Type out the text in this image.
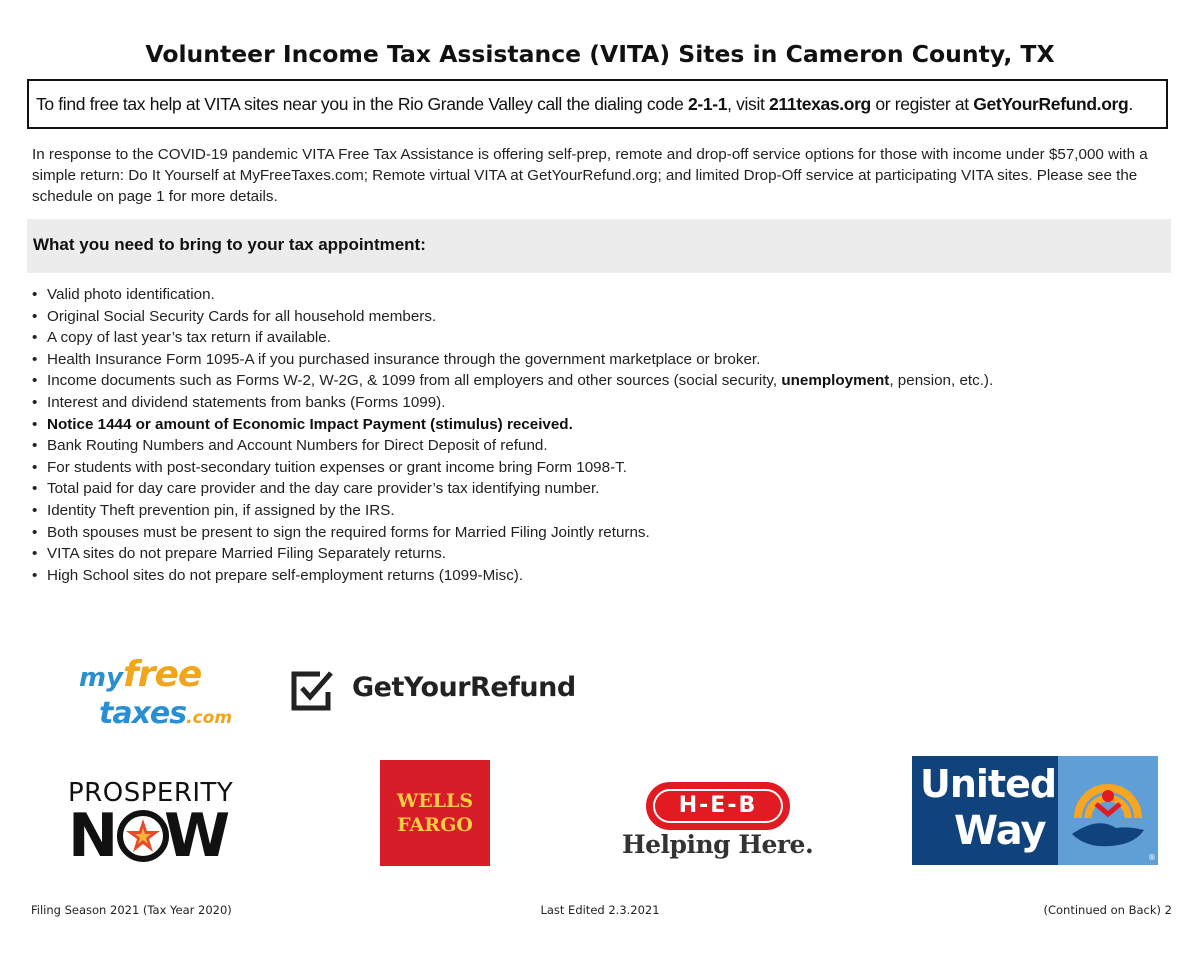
Volunteer Income Tax Assistance (VITA) Sites in Cameron County, TX
To find free tax help at VITA sites near you in the Rio Grande Valley call the dialing code 2-1-1, visit 211texas.org or register at GetYourRefund.org.

In response to the COVID-19 pandemic VITA Free Tax Assistance is offering self-prep, remote and drop-off service options for those with income under $57,000 with a simple return: Do It Yourself at MyFreeTaxes.com; Remote virtual VITA at GetYourRefund.org; and limited Drop-Off service at participating VITA sites. Please see the schedule on page 1 for more details.

What you need to bring to your tax appointment:
• Valid photo identification.
• Original Social Security Cards for all household members.
• A copy of last year’s tax return if available.
• Health Insurance Form 1095-A if you purchased insurance through the government marketplace or broker.
• Income documents such as Forms W-2, W-2G, & 1099 from all employers and other sources (social security, unemployment, pension, etc.).
• Interest and dividend statements from banks (Forms 1099).
• Notice 1444 or amount of Economic Impact Payment (stimulus) received.
• Bank Routing Numbers and Account Numbers for Direct Deposit of refund.
• For students with post-secondary tuition expenses or grant income bring Form 1098-T.
• Total paid for day care provider and the day care provider’s tax identifying number.
• Identity Theft prevention pin, if assigned by the IRS.
• Both spouses must be present to sign the required forms for Married Filing Jointly returns.
• VITA sites do not prepare Married Filing Separately returns.
• High School sites do not prepare self-employment returns (1099-Misc).
myfree
taxes.com
GetYourRefund
PROSPERITY
N W	WELLS
FARGO
H-E-B
Helping Here.
United
Way
®
Filing Season 2021 (Tax Year 2020)	Last Edited 2.3.2021	(Continued on Back) 2
